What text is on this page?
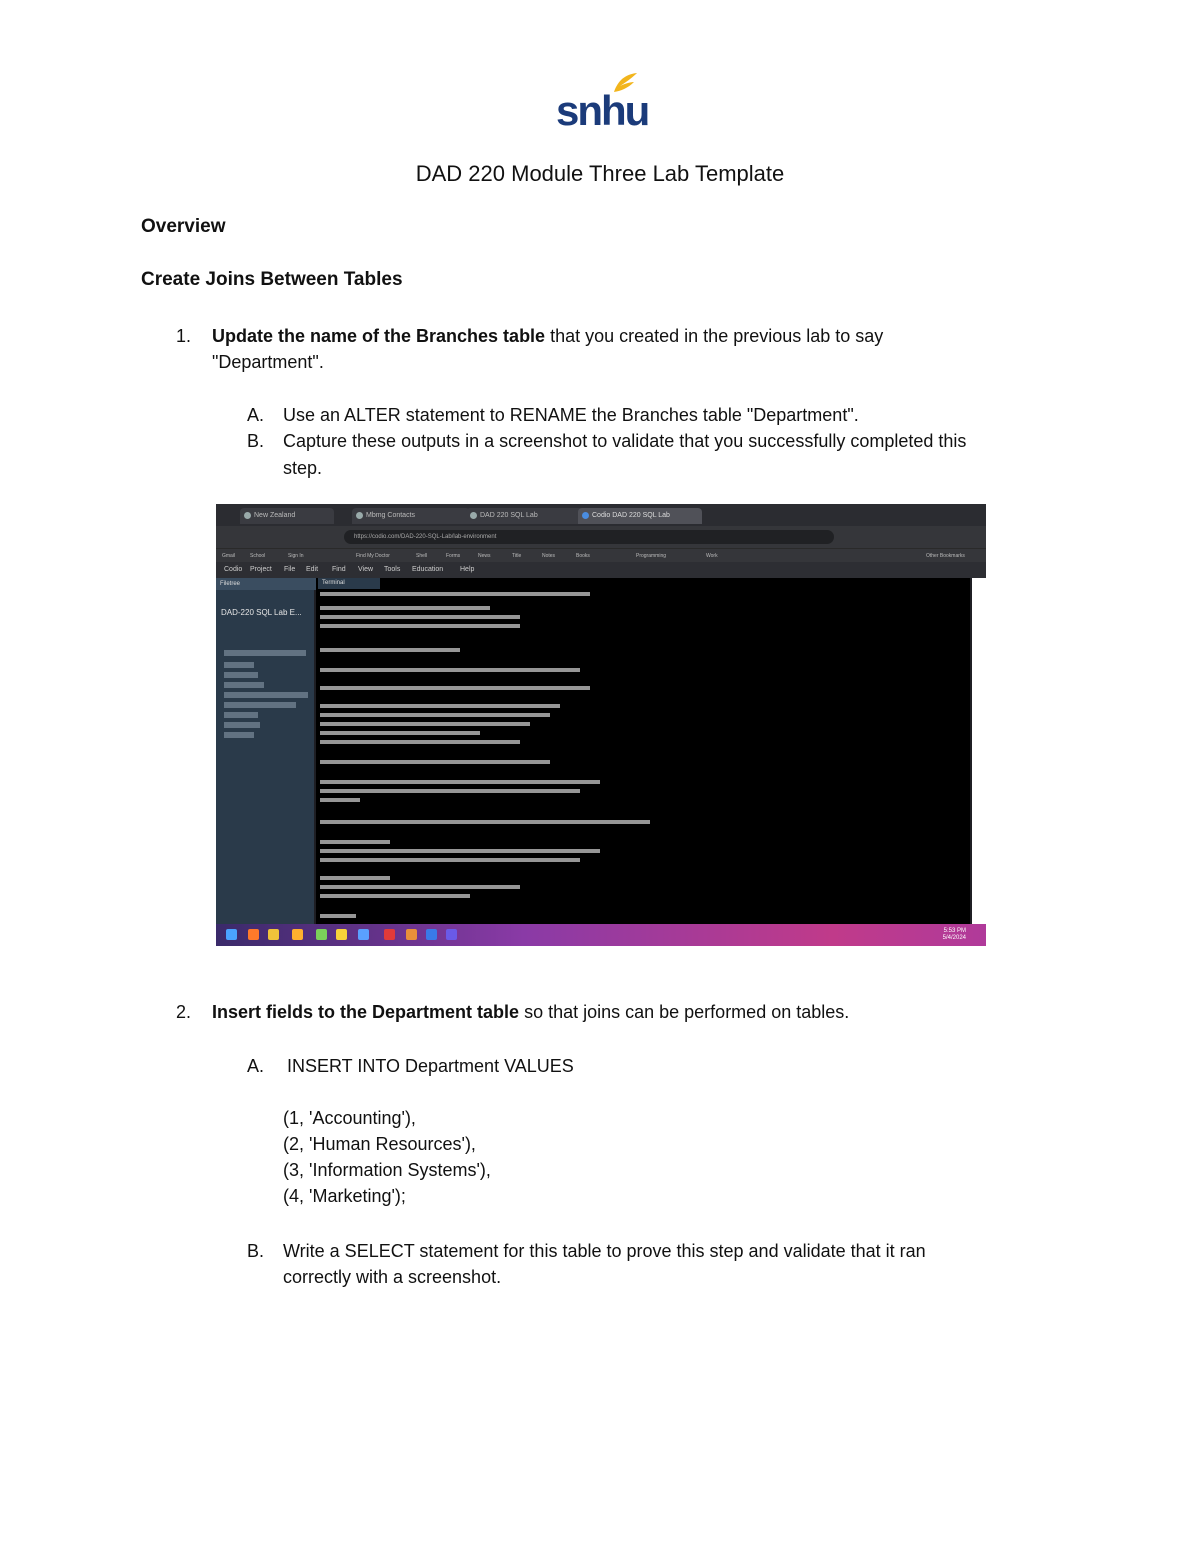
snhu
DAD 220 Module Three Lab Template
Overview
Create Joins Between Tables
1. Update the name of the Branches table that you created in the previous lab to say
"Department".
A. Use an ALTER statement to RENAME the Branches table "Department".
B. Capture these outputs in a screenshot to validate that you successfully completed this
step.
New Zealand	Mbmg Contacts	DAD 220 SQL Lab	Codio DAD 220 SQL Lab
https://codio.com/DAD-220-SQL-Lab/lab-environment
Gmail	School	Sign In	Find My Doctor	Shell	Forms	News	Title	Notes	Books	Programming	Work	Other Bookmarks
Codio Project File Edit Find View Tools Education Help
Filetree
DAD-220 SQL Lab E...
Terminal
5:53 PM
5/4/2024
2. Insert fields to the Department table so that joins can be performed on tables.
A. INSERT INTO Department VALUES
(1, 'Accounting'),
(2, 'Human Resources'),
(3, 'Information Systems'),
(4, 'Marketing');
B. Write a SELECT statement for this table to prove this step and validate that it ran
correctly with a screenshot.
